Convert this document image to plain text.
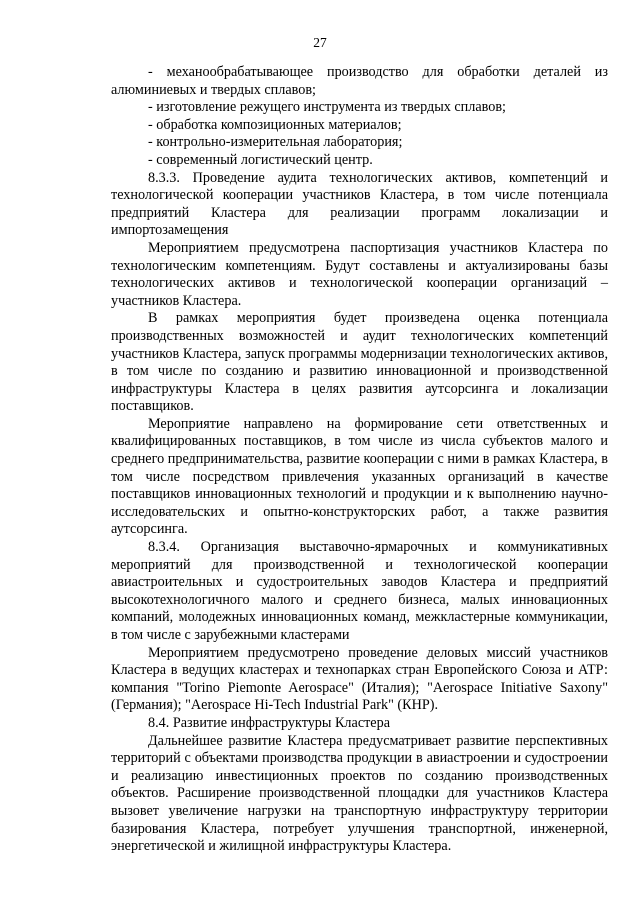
27

- механообрабатывающее производство для обработки деталей из алюминиевых и твердых сплавов;

- изготовление режущего инструмента из твердых сплавов;

- обработка композиционных материалов;

- контрольно-измерительная лаборатория;

- современный логистический центр.

8.3.3. Проведение аудита технологических активов, компетенций и технологической кооперации участников Кластера, в том числе потенциала предприятий Кластера для реализации программ локализации и импортозамещения

Мероприятием предусмотрена паспортизация участников Кластера по технологическим компетенциям. Будут составлены и актуализированы базы технологических активов и технологической кооперации организаций – участников Кластера.

В рамках мероприятия будет произведена оценка потенциала производственных возможностей и аудит технологических компетенций участников Кластера, запуск программы модернизации технологических активов, в том числе по созданию и развитию инновационной и производственной инфраструктуры Кластера в целях развития аутсорсинга и локализации поставщиков.

Мероприятие направлено на формирование сети ответственных и квалифицированных поставщиков, в том числе из числа субъектов малого и среднего предпринимательства, развитие кооперации с ними в рамках Кластера, в том числе посредством привлечения указанных организаций в качестве поставщиков инновационных технологий и продукции и к выполнению научно-исследовательских и опытно-конструкторских работ, а также развития аутсорсинга.

8.3.4. Организация выставочно-ярмарочных и коммуникативных мероприятий для производственной и технологической кооперации авиастроительных и судостроительных заводов Кластера и предприятий высокотехнологичного малого и среднего бизнеса, малых инновационных компаний, молодежных инновационных команд, межкластерные коммуникации, в том числе с зарубежными кластерами

Мероприятием предусмотрено проведение деловых миссий участников Кластера в ведущих кластерах и технопарках стран Европейского Союза и АТР: компания "Torino Piemonte Aerospace" (Италия); "Aerospace Initiative Saxony" (Германия); "Aerospace Hi-Tech Industrial Park" (КНР).

8.4. Развитие инфраструктуры Кластера

Дальнейшее развитие Кластера предусматривает развитие перспективных территорий с объектами производства продукции в авиастроении и судостроении и реализацию инвестиционных проектов по созданию производственных объектов. Расширение производственной площадки для участников Кластера вызовет увеличение нагрузки на транспортную инфраструктуру территории базирования Кластера, потребует улучшения транспортной, инженерной, энергетической и жилищной инфраструктуры Кластера.
